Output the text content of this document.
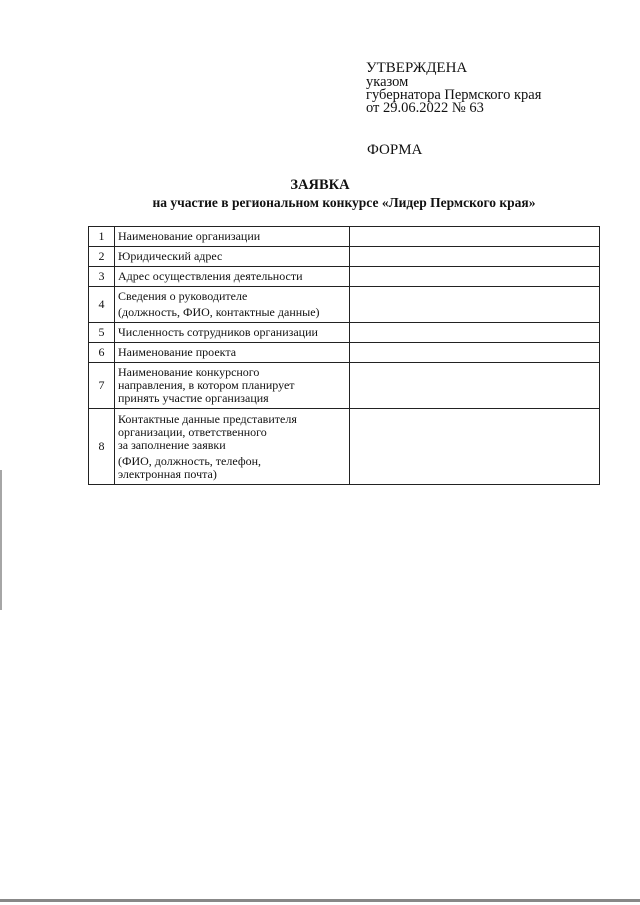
УТВЕРЖДЕНА
указом
губернатора Пермского края
от 29.06.2022 № 63
ФОРМА
ЗАЯВКА
на участие в региональном конкурсе «Лидер Пермского края»
1	Наименование организации	
2	Юридический адрес	
3	Адрес осуществления деятельности	
4	Сведения о руководителе
(должность, ФИО, контактные данные)	

5	Численность сотрудников организации	
6	Наименование проекта	
7	Наименование конкурсного
направления, в котором планирует
принять участие организация	
8	Контактные данные представителя
организации, ответственного
за заполнение заявки
(ФИО, должность, телефон,
электронная почта)	
